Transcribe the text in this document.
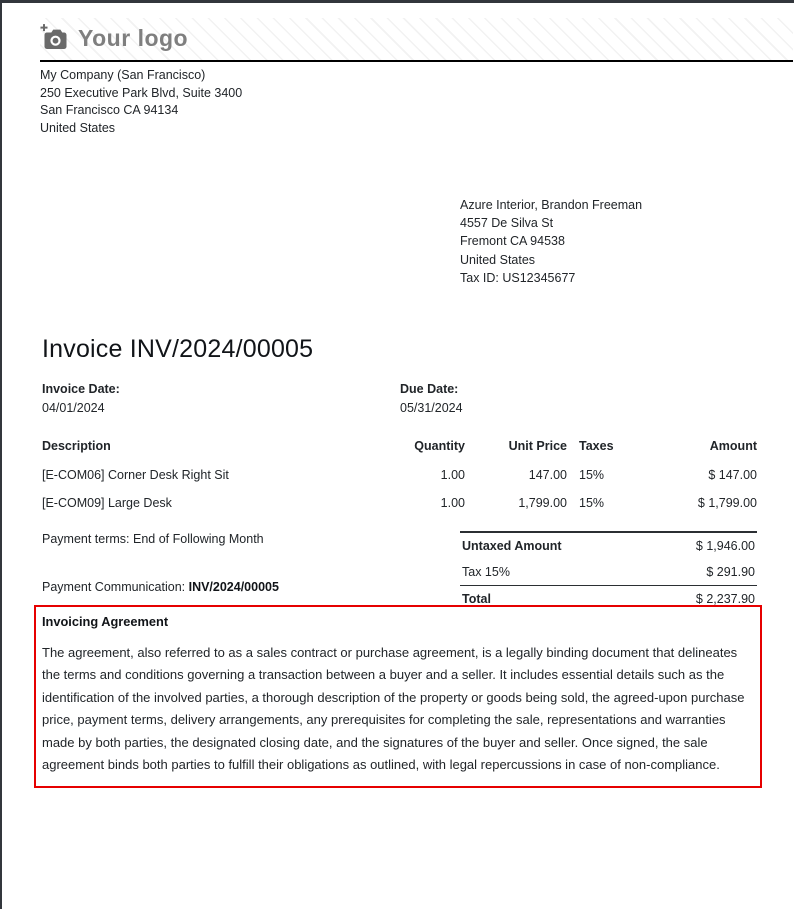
Your logo
My Company (San Francisco)
250 Executive Park Blvd, Suite 3400
San Francisco CA 94134
United States
Azure Interior, Brandon Freeman
4557 De Silva St
Fremont CA 94538
United States
Tax ID: US12345677
Invoice INV/2024/00005
Invoice Date:
04/01/2024
Due Date:
05/31/2024
Description	Quantity	Unit Price	Taxes	Amount
[E-COM06] Corner Desk Right Sit	1.00	147.00	15%	$ 147.00
[E-COM09] Large Desk	1.00	1,799.00	15%	$ 1,799.00
Payment terms: End of Following Month
Payment Communication: INV/2024/00005
Untaxed Amount	$ 1,946.00
Tax 15%	$ 291.90
Total	$ 2,237.90
Invoicing Agreement
The agreement, also referred to as a sales contract or purchase agreement, is a legally binding document that delineates the terms and conditions governing a transaction between a buyer and a seller. It includes essential details such as the identification of the involved parties, a thorough description of the property or goods being sold, the agreed-upon purchase price, payment terms, delivery arrangements, any prerequisites for completing the sale, representations and warranties made by both parties, the designated closing date, and the signatures of the buyer and seller. Once signed, the sale agreement binds both parties to fulfill their obligations as outlined, with legal repercussions in case of non-compliance.
